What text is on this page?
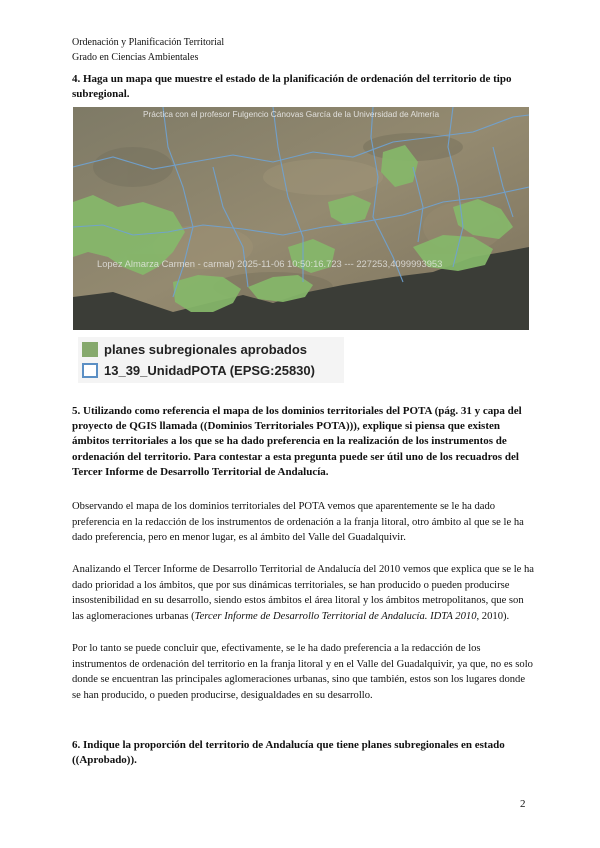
Ordenación y Planificación Territorial
Grado en Ciencias Ambientales
4. Haga un mapa que muestre el estado de la planificación de ordenación del territorio de tipo subregional.
Práctica con el profesor Fulgencio Cánovas García de la Universidad de Almería
Lopez Almarza Carmen - carmal) 2025-11-06 10:50:16.723 --- 227253,4099993953
planes subregionales aprobados
13_39_UnidadPOTA (EPSG:25830)
5. Utilizando como referencia el mapa de los dominios territoriales del POTA (pág. 31 y capa del proyecto de QGIS llamada ((Dominios Territoriales POTA))), explique si piensa que existen ámbitos territoriales a los que se ha dado preferencia en la realización de los instrumentos de ordenación del territorio. Para contestar a esta pregunta puede ser útil uno de los recuadros del Tercer Informe de Desarrollo Territorial de Andalucía.
Observando el mapa de los dominios territoriales del POTA vemos que aparentemente se le ha dado preferencia en la redacción de los instrumentos de ordenación a la franja litoral, otro ámbito al que se le ha dado preferencia, pero en menor lugar, es al ámbito del Valle del Guadalquivir.
Analizando el Tercer Informe de Desarrollo Territorial de Andalucía del 2010 vemos que explica que se le ha dado prioridad a los ámbitos, que por sus dinámicas territoriales, se han producido o pueden producirse insostenibilidad en su desarrollo, siendo estos ámbitos el área litoral y los ámbitos metropolitanos, que son las aglomeraciones urbanas (Tercer Informe de Desarrollo Territorial de Andalucía. IDTA 2010, 2010).
Por lo tanto se puede concluir que, efectivamente, se le ha dado preferencia a la redacción de los instrumentos de ordenación del territorio en la franja litoral y en el Valle del Guadalquivir, ya que, no es solo donde se encuentran las principales aglomeraciones urbanas, sino que también, estos son los lugares donde se han producido, o pueden producirse, desigualdades en su desarrollo.
6. Indique la proporción del territorio de Andalucía que tiene planes subregionales en estado ((Aprobado)).
2
